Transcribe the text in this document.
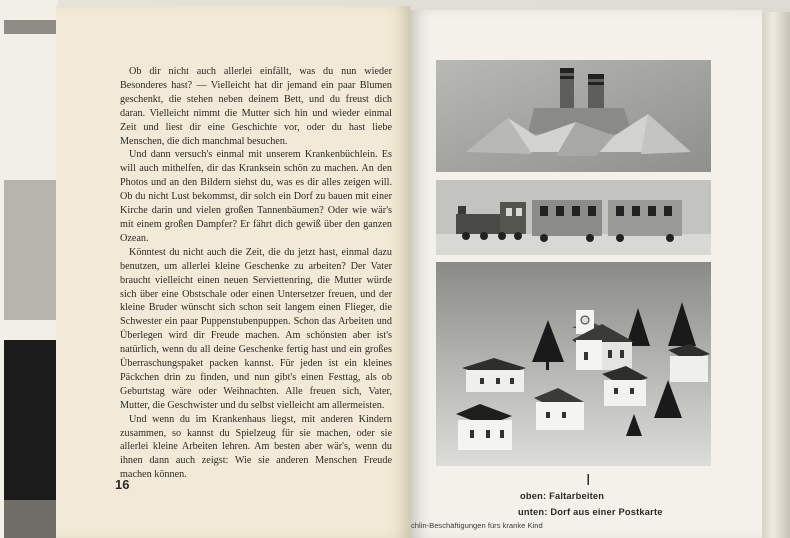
Ob dir nicht auch allerlei einfällt, was du nun wieder Besonderes hast? — Vielleicht hat dir jemand ein paar Blumen geschenkt, die stehen neben deinem Bett, und du freust dich daran. Vielleicht nimmt die Mutter sich hin und wieder einmal Zeit und liest dir eine Geschichte vor, oder du hast liebe Menschen, die dich manchmal besuchen.

Und dann versuch's einmal mit unserem Krankenbüchlein. Es will auch mithelfen, dir das Kranksein schön zu machen. An den Photos und an den Bildern siehst du, was es dir alles zeigen will. Ob du nicht Lust bekommst, dir solch ein Dorf zu bauen mit einer Kirche darin und vielen großen Tannenbäumen? Oder wie wär's mit einem großen Dampfer? Er fährt dich gewiß über den ganzen Ozean.

Könntest du nicht auch die Zeit, die du jetzt hast, einmal dazu benutzen, um allerlei kleine Geschenke zu arbeiten? Der Vater braucht vielleicht einen neuen Serviettenring, die Mutter würde sich über eine Obstschale oder einen Untersetzer freuen, und der kleine Bruder wünscht sich schon seit langem einen Flieger, die Schwester ein paar Puppenstubenpuppen. Schon das Arbeiten und Überlegen wird dir Freude machen. Am schönsten aber ist's natürlich, wenn du all deine Geschenke fertig hast und ein großes Überraschungspaket packen kannst. Für jeden ist ein kleines Päckchen drin zu finden, und nun gibt's einen Festtag, als ob Geburtstag wäre oder Weihnachten. Alle freuen sich, Vater, Mutter, die Geschwister und du selbst vielleicht am allermeisten.

Und wenn du im Krankenhaus liegst, mit anderen Kindern zusammen, so kannst du Spielzeug für sie machen, oder sie allerlei kleine Arbeiten lehren. Am besten aber wär's, wenn du ihnen dann auch zeigst: Wie sie anderen Menschen Freude machen können.

16	I
oben: Faltarbeiten
unten: Dorf aus einer Postkarte
chlin-Beschäftigungen fürs kranke Kind
